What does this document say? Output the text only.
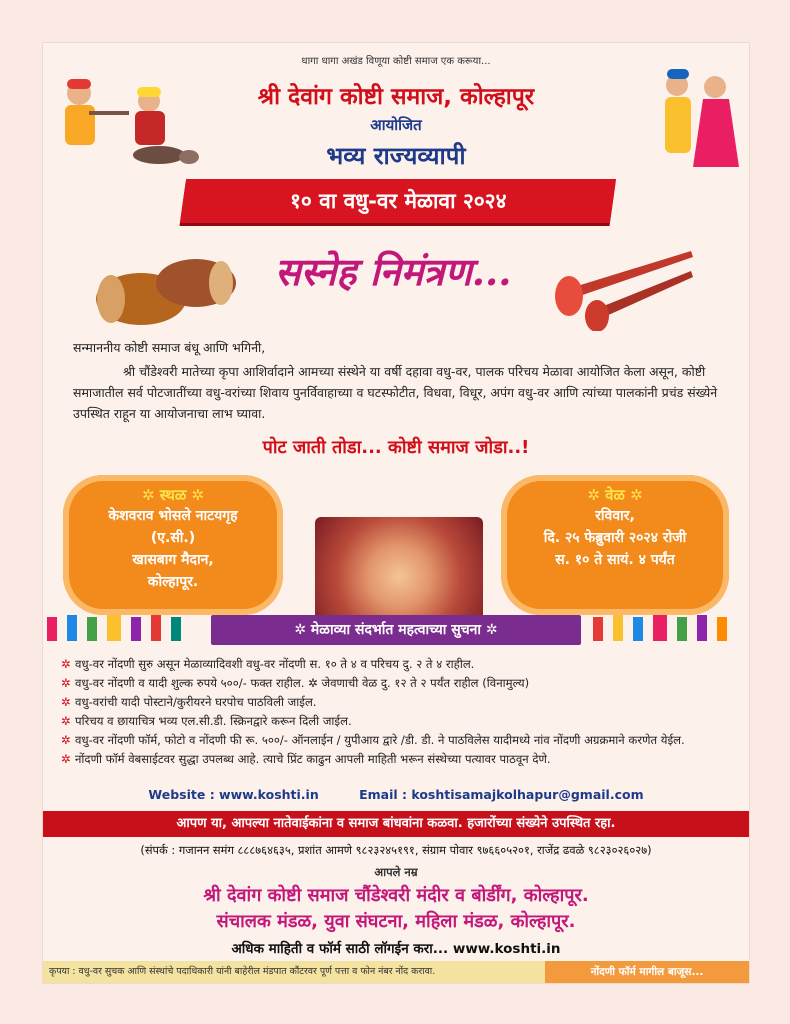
धागा धागा अखंड विणूया कोष्टी समाज एक करूया...
श्री देवांग कोष्टी समाज, कोल्हापूर
आयोजित
भव्य राज्यव्यापी
१० वा वधु-वर मेळावा २०२४
सस्नेह निमंत्रण...
सन्माननीय कोष्टी समाज बंधू आणि भगिनी,
श्री चौंडेश्वरी मातेच्या कृपा आशिर्वादाने आमच्या संस्थेने या वर्षी दहावा वधु-वर, पालक परिचय मेळावा आयोजित केला असून, कोष्टी समाजातील सर्व पोटजातींच्या वधु-वरांच्या शिवाय पुनर्विवाहाच्या व घटस्फोटीत, विधवा, विधूर, अपंग वधु-वर आणि त्यांच्या पालकांनी प्रचंड संख्येने उपस्थित राहून या आयोजनाचा लाभ घ्यावा.
पोट जाती तोडा... कोष्टी समाज जोडा..!
✲ स्थळ ✲
केशवराव भोसले नाटयगृह
(ए.सी.)
खासबाग मैदान,
कोल्हापूर.
✲ वेळ ✲
रविवार,
दि. २५ फेब्रुवारी २०२४ रोजी
स. १० ते सायं. ४ पर्यंत
✲ मेळाव्या संदर्भात महत्वाच्या सुचना ✲
✲ वधु-वर नोंदणी सुरु असून मेळाव्यादिवशी वधु-वर नोंदणी स. १० ते ४ व परिचय दु. २ ते ४ राहील.
✲ वधु-वर नोंदणी व यादी शुल्क रुपये ५००/- फक्त राहील. ✲ जेवणाची वेळ दु. १२ ते २ पर्यंत राहील (विनामुल्य)
✲ वधु-वरांची यादी पोस्टाने/कुरीयरने घरपोच पाठविली जाईल.
✲ परिचय व छायाचित्र भव्य एल.सी.डी. स्क्रिनद्वारे करून दिली जाईल.
✲ वधु-वर नोंदणी फॉर्म, फोटो व नोंदणी फी रू. ५००/- ऑनलाईन / युपीआय द्वारे /डी. डी. ने पाठविलेस यादीमध्ये नांव नोंदणी अग्रक्रमाने करणेत येईल.
✲ नोंदणी फॉर्म वेबसाईटवर सुद्धा उपलब्ध आहे. त्याचे प्रिंट काढुन आपली माहिती भरून संस्थेच्या पत्यावर पाठवून देणे.
Website : www.koshti.in	Email : koshtisamajkolhapur@gmail.com
आपण या, आपल्या नातेवाईकांना व समाज बांधवांना कळवा. हजारोंच्या संख्येने उपस्थित रहा.
(संपर्क : गजानन समंग ८८८७६४६३५, प्रशांत आमणे ९८२३२४५१९१, संग्राम पोवार ९७६६०५२०१, राजेंद्र ढवळे ९८२३०२६०२७)
आपले नम्र
श्री देवांग कोष्टी समाज चौंडेश्वरी मंदीर व बोर्डींग, कोल्हापूर.
संचालक मंडळ, युवा संघटना, महिला मंडळ, कोल्हापूर.
अधिक माहिती व फॉर्म साठी लॉगईन करा... www.koshti.in
कृपया : वधु-वर सुचक आणि संस्थांचे पदाधिकारी यांनी बाहेरील मंडपात कौंटरवर पूर्ण पत्ता व फोन नंबर नोंद करावा.	नोंदणी फॉर्म मागील बाजूस...
